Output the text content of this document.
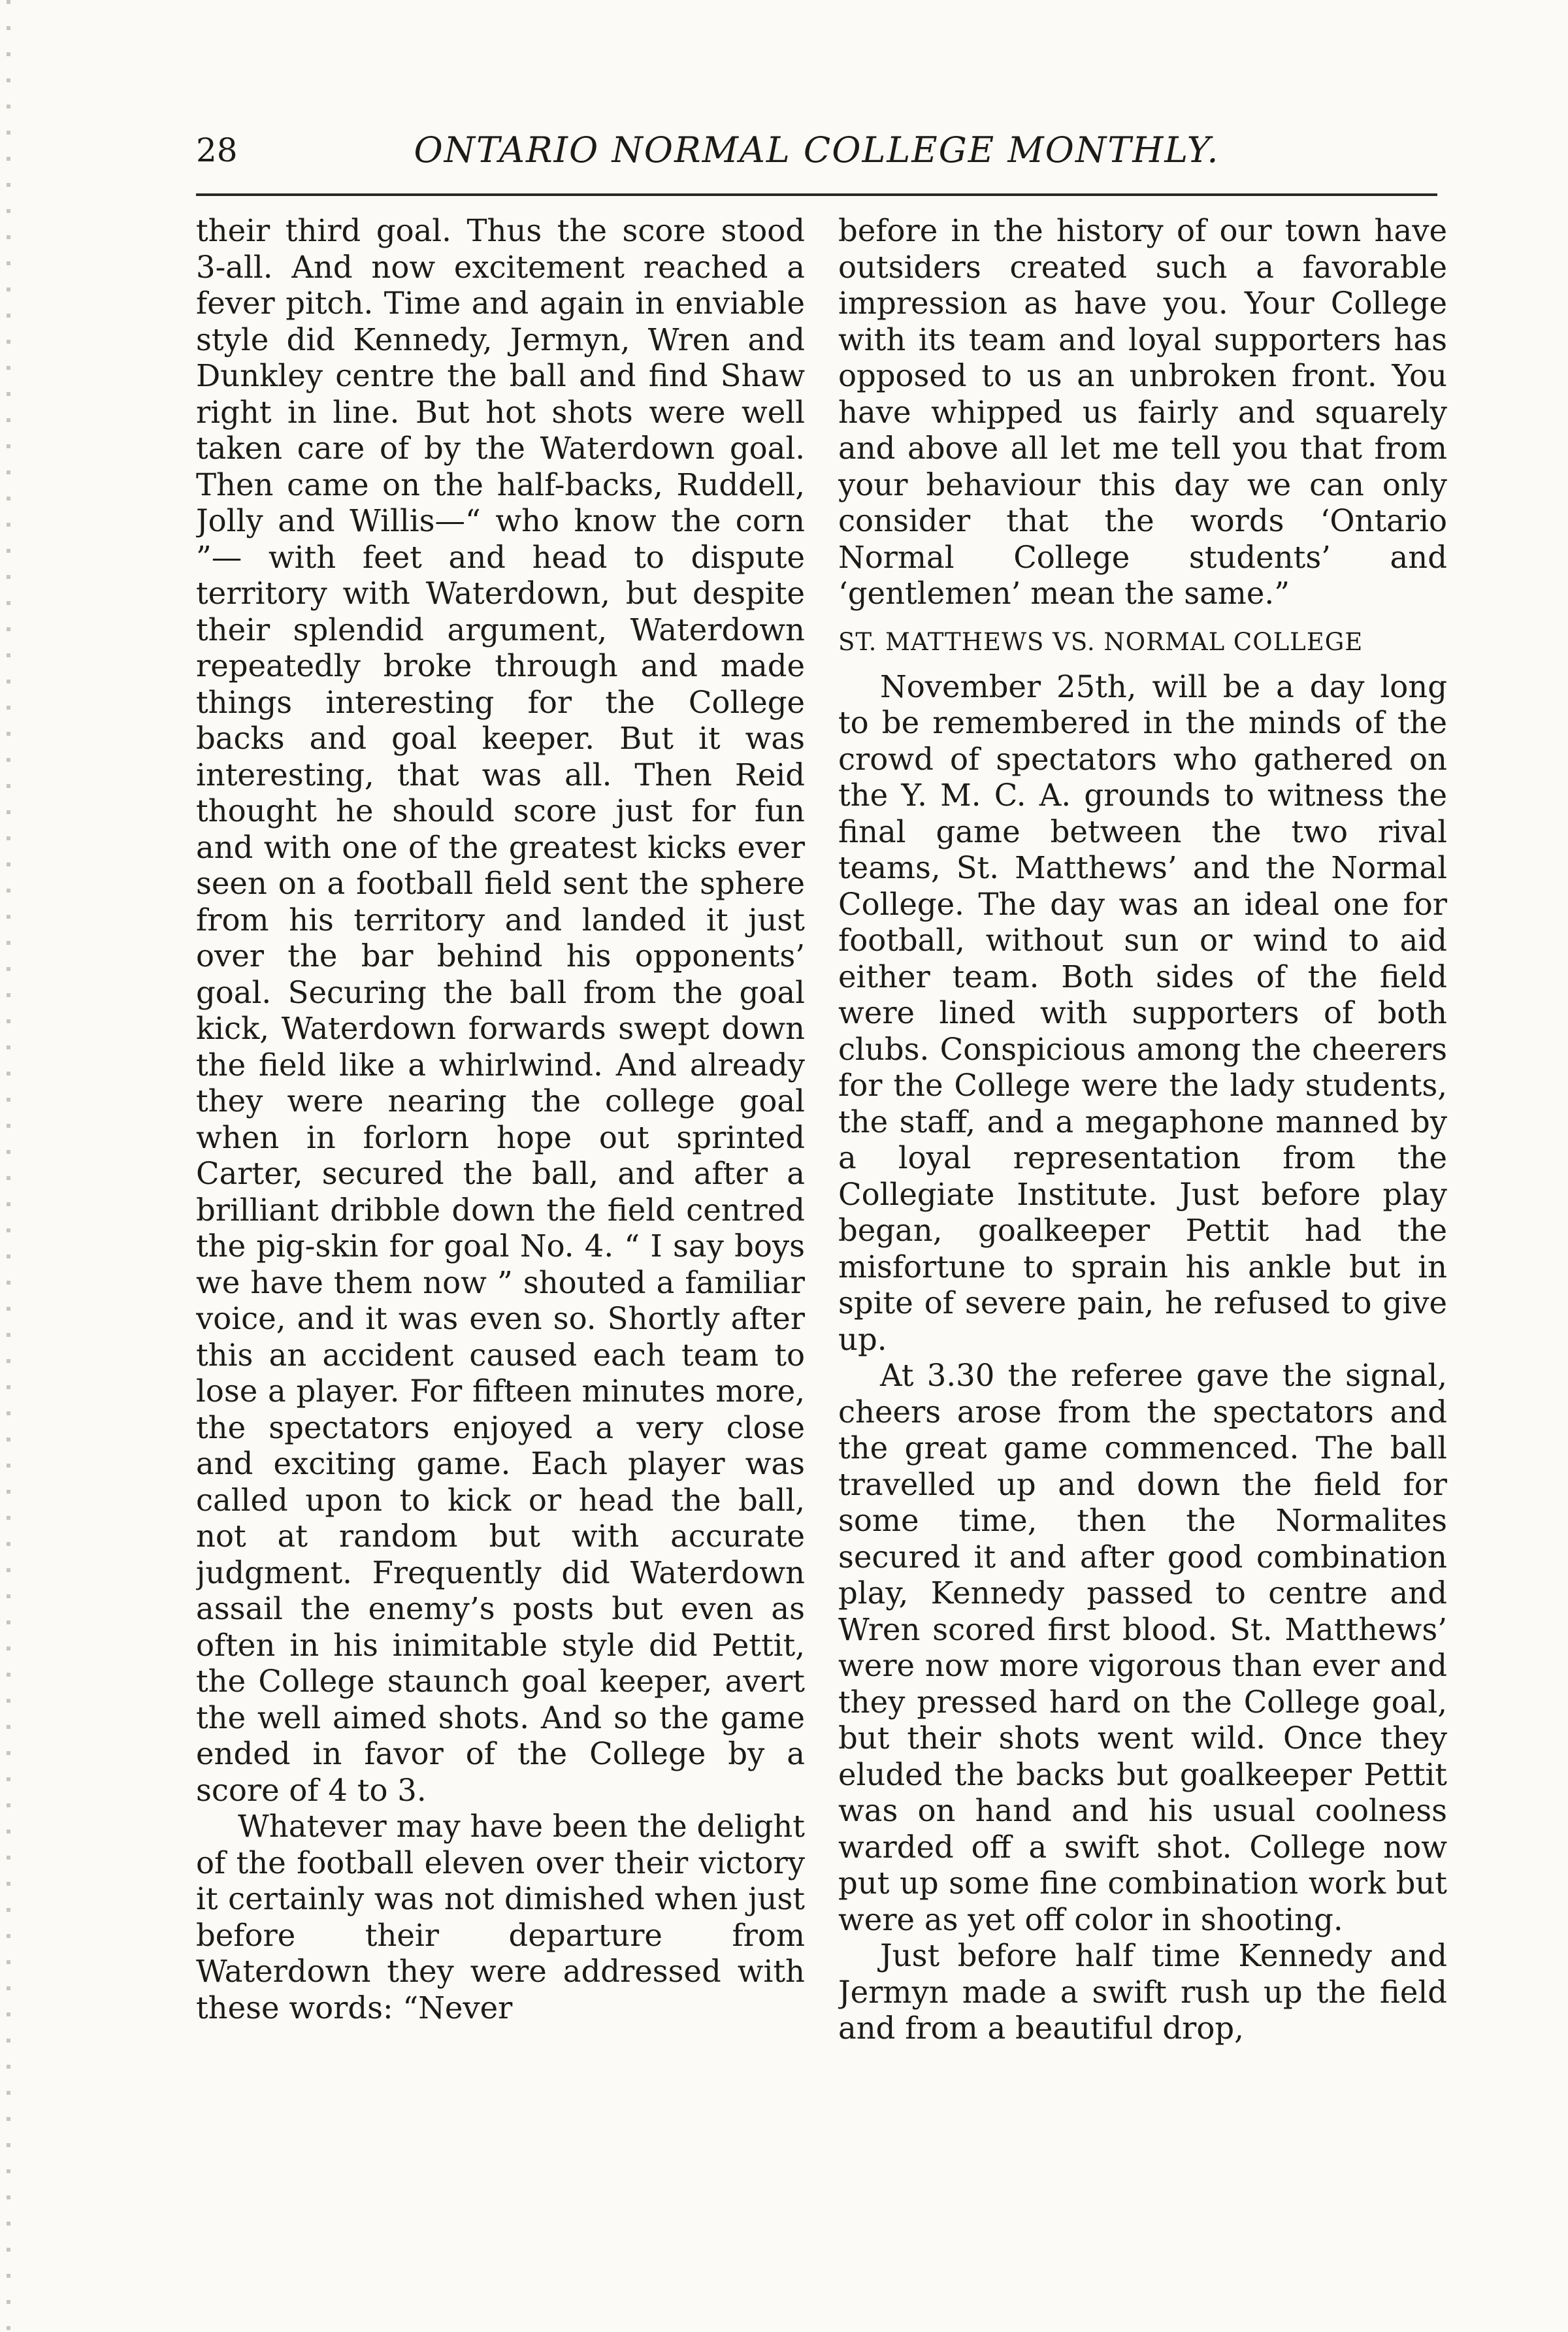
28	ONTARIO NORMAL COLLEGE MONTHLY.

their third goal. Thus the score stood 3-all. And now excitement reached a fever pitch. Time and again in enviable style did Kennedy, Jermyn, Wren and Dunkley centre the ball and find Shaw right in line. But hot shots were well taken care of by the Waterdown goal. Then came on the half-backs, Ruddell, Jolly and Willis—“ who know the corn ”— with feet and head to dispute territory with Waterdown, but despite their splendid argument, Waterdown repeatedly broke through and made things interesting for the College backs and goal keeper. But it was interesting, that was all. Then Reid thought he should score just for fun and with one of the greatest kicks ever seen on a football field sent the sphere from his territory and landed it just over the bar behind his opponents’ goal. Securing the ball from the goal kick, Waterdown forwards swept down the field like a whirlwind. And already they were nearing the college goal when in forlorn hope out sprinted Carter, secured the ball, and after a brilliant dribble down the field centred the pig-skin for goal No. 4. “ I say boys we have them now ” shouted a familiar voice, and it was even so. Shortly after this an accident caused each team to lose a player. For fifteen minutes more, the spectators enjoyed a very close and exciting game. Each player was called upon to kick or head the ball, not at random but with accurate judgment. Frequently did Waterdown assail the enemy’s posts but even as often in his inimitable style did Pettit, the College staunch goal keeper, avert the well aimed shots. And so the game ended in favor of the College by a score of 4 to 3.

Whatever may have been the delight of the football eleven over their victory it certainly was not dimished when just before their departure from Waterdown they were addressed with these words: “Never

before in the history of our town have outsiders created such a favorable impression as have you. Your College with its team and loyal supporters has opposed to us an unbroken front. You have whipped us fairly and squarely and above all let me tell you that from your behaviour this day we can only consider that the words ‘Ontario Normal College students’ and ‘gentlemen’ mean the same.”

ST. MATTHEWS VS. NORMAL COLLEGE

November 25th, will be a day long to be remembered in the minds of the crowd of spectators who gathered on the Y. M. C. A. grounds to witness the final game between the two rival teams, St. Matthews’ and the Normal College. The day was an ideal one for football, without sun or wind to aid either team. Both sides of the field were lined with supporters of both clubs. Conspicious among the cheerers for the College were the lady students, the staff, and a megaphone manned by a loyal representation from the Collegiate Institute. Just before play began, goalkeeper Pettit had the misfortune to sprain his ankle but in spite of severe pain, he refused to give up.

At 3.30 the referee gave the signal, cheers arose from the spectators and the great game commenced. The ball travelled up and down the field for some time, then the Normalites secured it and after good combination play, Kennedy passed to centre and Wren scored first blood. St. Matthews’ were now more vigorous than ever and they pressed hard on the College goal, but their shots went wild. Once they eluded the backs but goalkeeper Pettit was on hand and his usual coolness warded off a swift shot. College now put up some fine combination work but were as yet off color in shooting.

Just before half time Kennedy and Jermyn made a swift rush up the field and from a beautiful drop,
